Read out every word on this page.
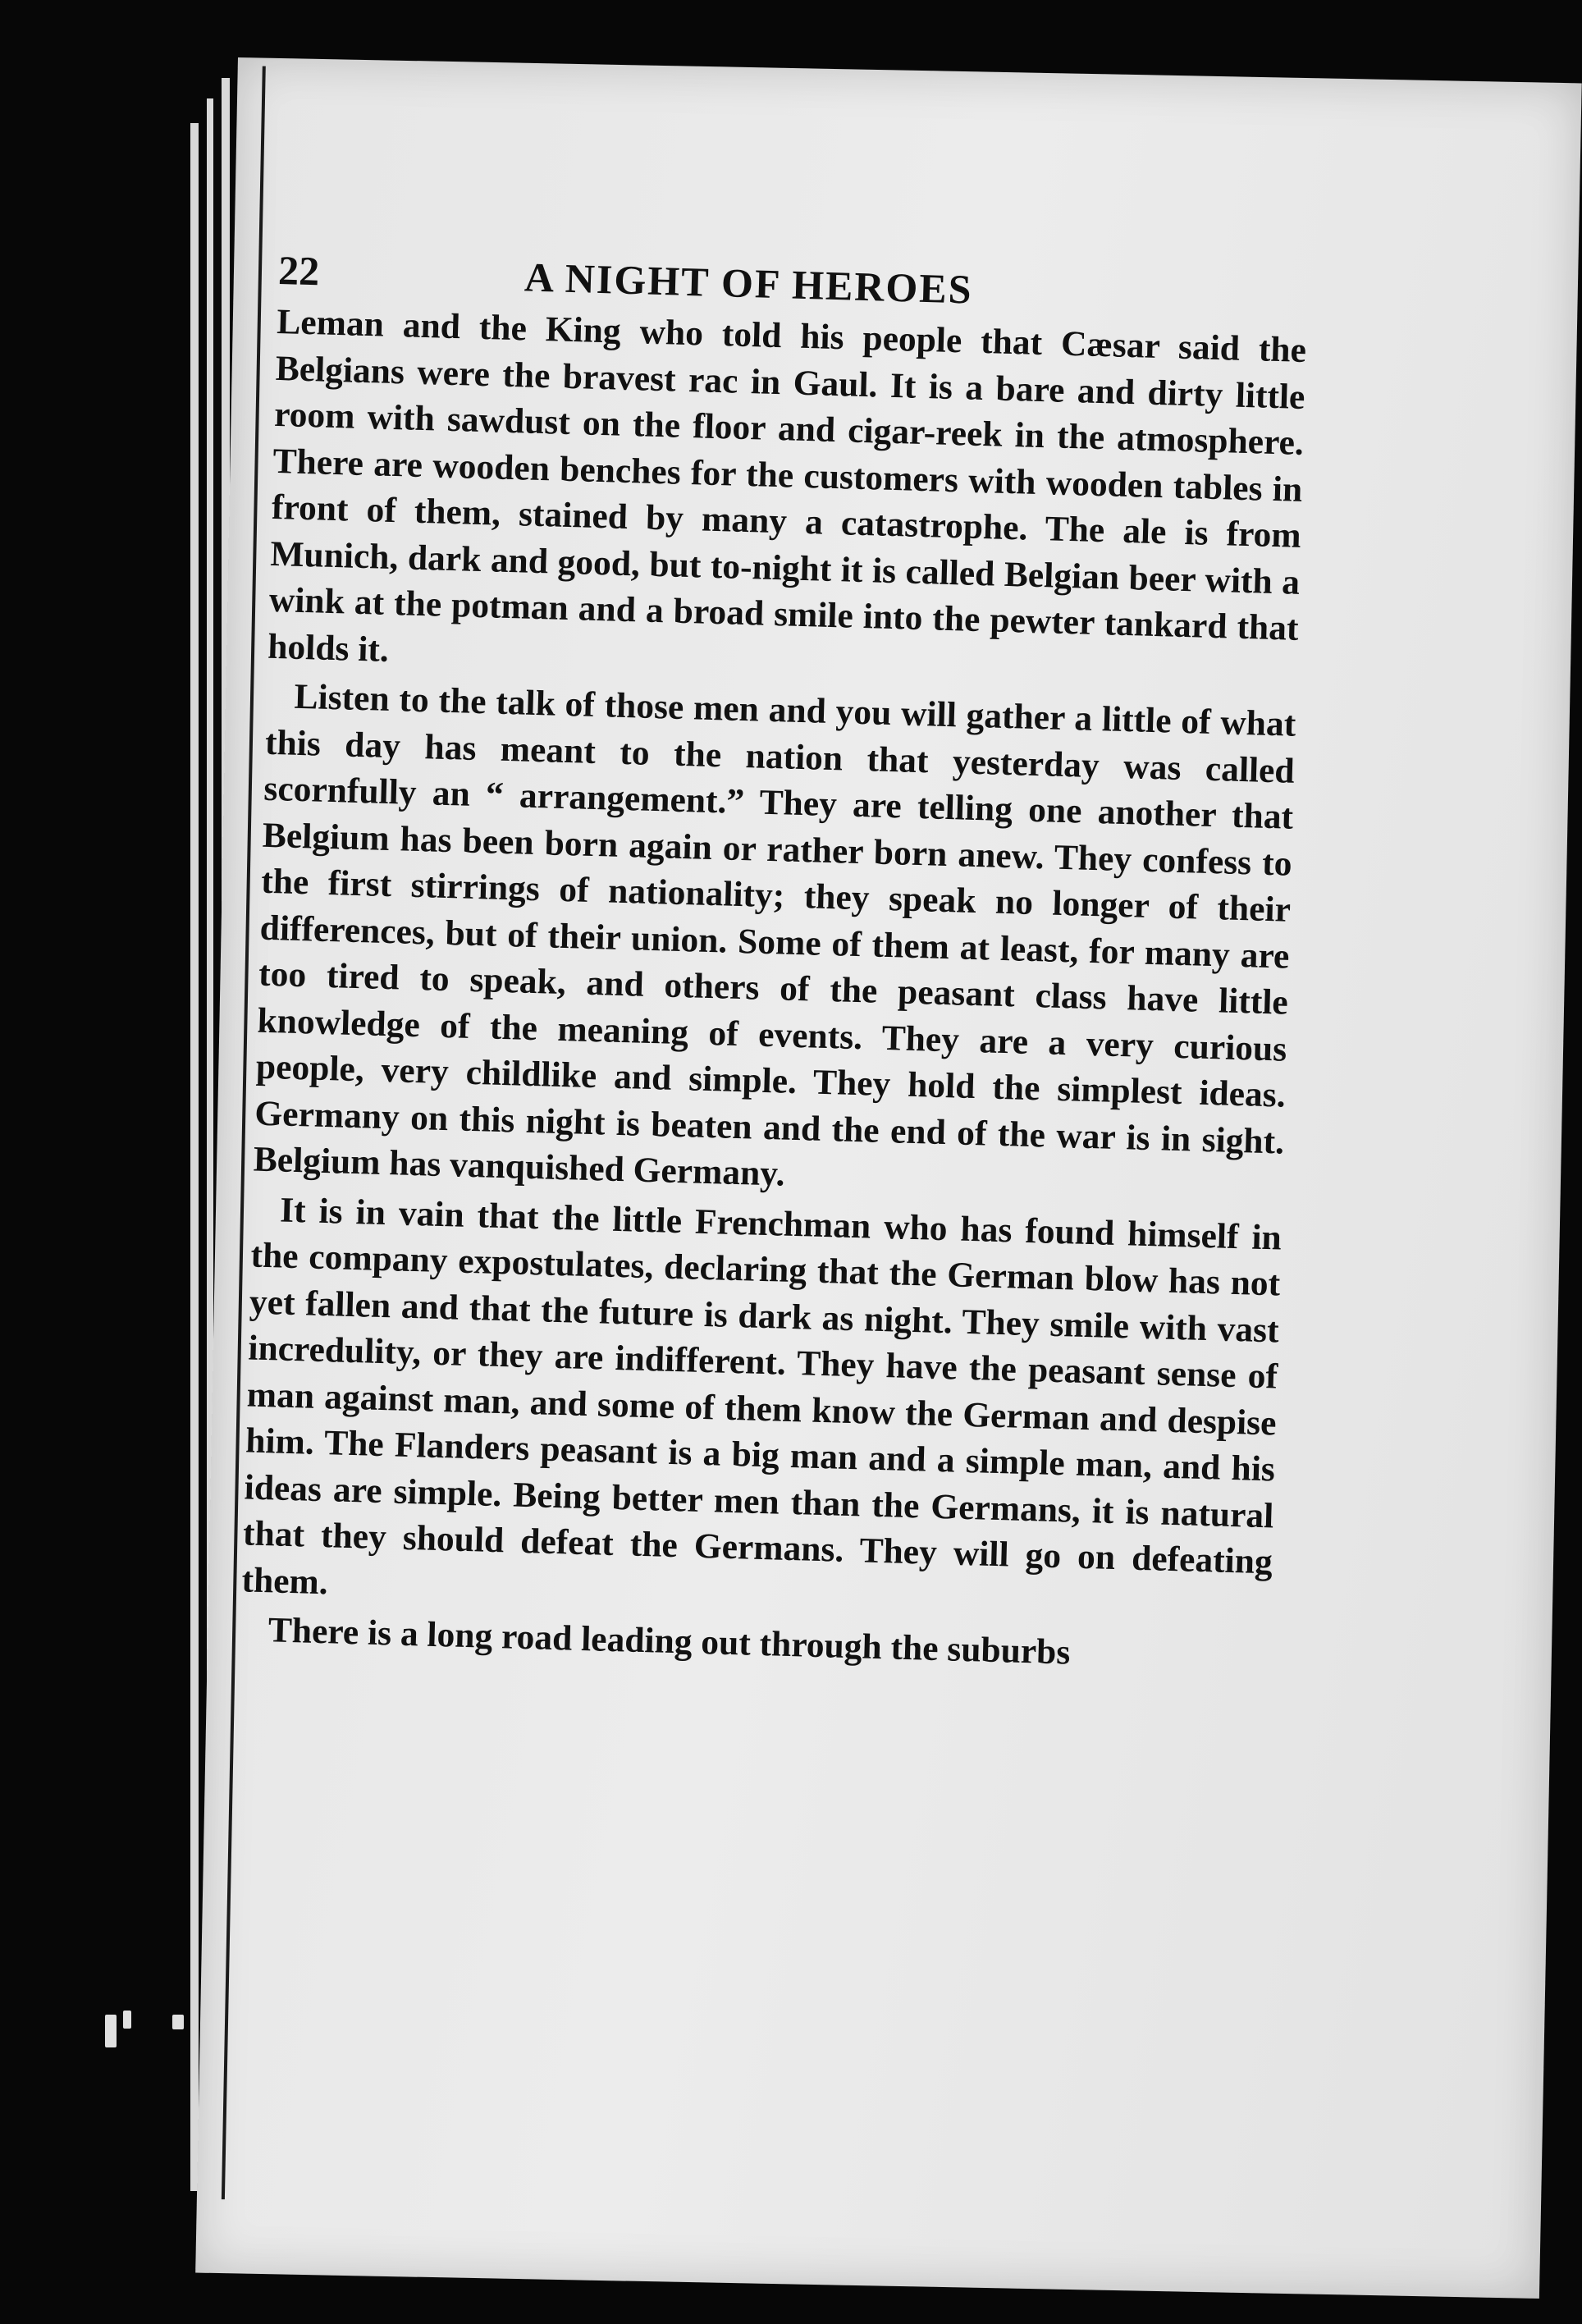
22	A NIGHT OF HEROES

Leman and the King who told his people that Cæsar said the Belgians were the bravest rac in Gaul. It is a bare and dirty little room with sawdust on the floor and cigar-reek in the atmosphere. There are wooden benches for the customers with wooden tables in front of them, stained by many a catastrophe. The ale is from Munich, dark and good, but to-night it is called Belgian beer with a wink at the potman and a broad smile into the pewter tankard that holds it.

Listen to the talk of those men and you will gather a little of what this day has meant to the nation that yesterday was called scornfully an “ arrangement.” They are telling one another that Belgium has been born again or rather born anew. They confess to the first stirrings of nationality; they speak no longer of their differences, but of their union. Some of them at least, for many are too tired to speak, and others of the peasant class have little knowledge of the meaning of events. They are a very curious people, very childlike and simple. They hold the simplest ideas. Germany on this night is beaten and the end of the war is in sight. Belgium has vanquished Germany.

It is in vain that the little Frenchman who has found himself in the company expostulates, declaring that the German blow has not yet fallen and that the future is dark as night. They smile with vast incredulity, or they are indifferent. They have the peasant sense of man against man, and some of them know the German and despise him. The Flanders peasant is a big man and a simple man, and his ideas are simple. Being better men than the Germans, it is natural that they should defeat the Germans. They will go on defeating them.

There is a long road leading out through the suburbs
